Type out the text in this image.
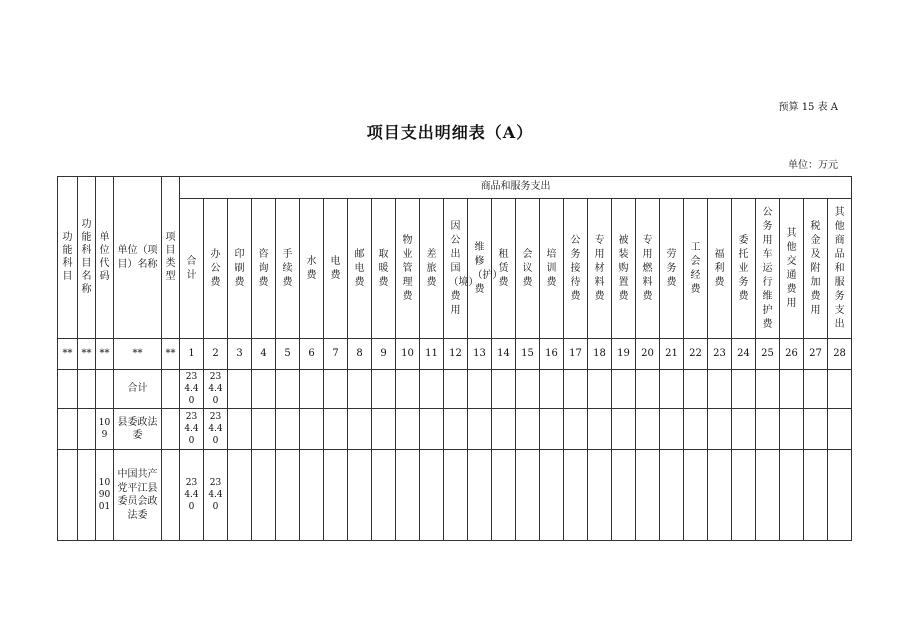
预算 15 表 A
项目支出明细表（A）
单位：万元
功能科目	功能科目名称	单位代码	单位（项目）名称	项目类型	商品和服务支出																											
					合计	办公费	印刷费	咨询费	手续费	水费	电费	邮电费	取暖费	物业管理费	差旅费	因公出国（境）费用	维修（护）费	租赁费	会议费	培训费	公务接待费	专用材料费	被装购置费	专用燃料费	劳务费	工会经费	福利费	委托业务费	公务用车运行维护费	其他交通费用	税金及附加费用	其他商品和服务支出
**	**	**	**	**	1	2	3	4	5	6	7	8	9	10	11	12	13	14	15	16	17	18	19	20	21	22	23	24	25	26	27	28
			合计		234.40	234.40																										
		109	县委政法委		234.40	234.40																										
		109001	中国共产党平江县委员会政法委		234.40	234.40																										
